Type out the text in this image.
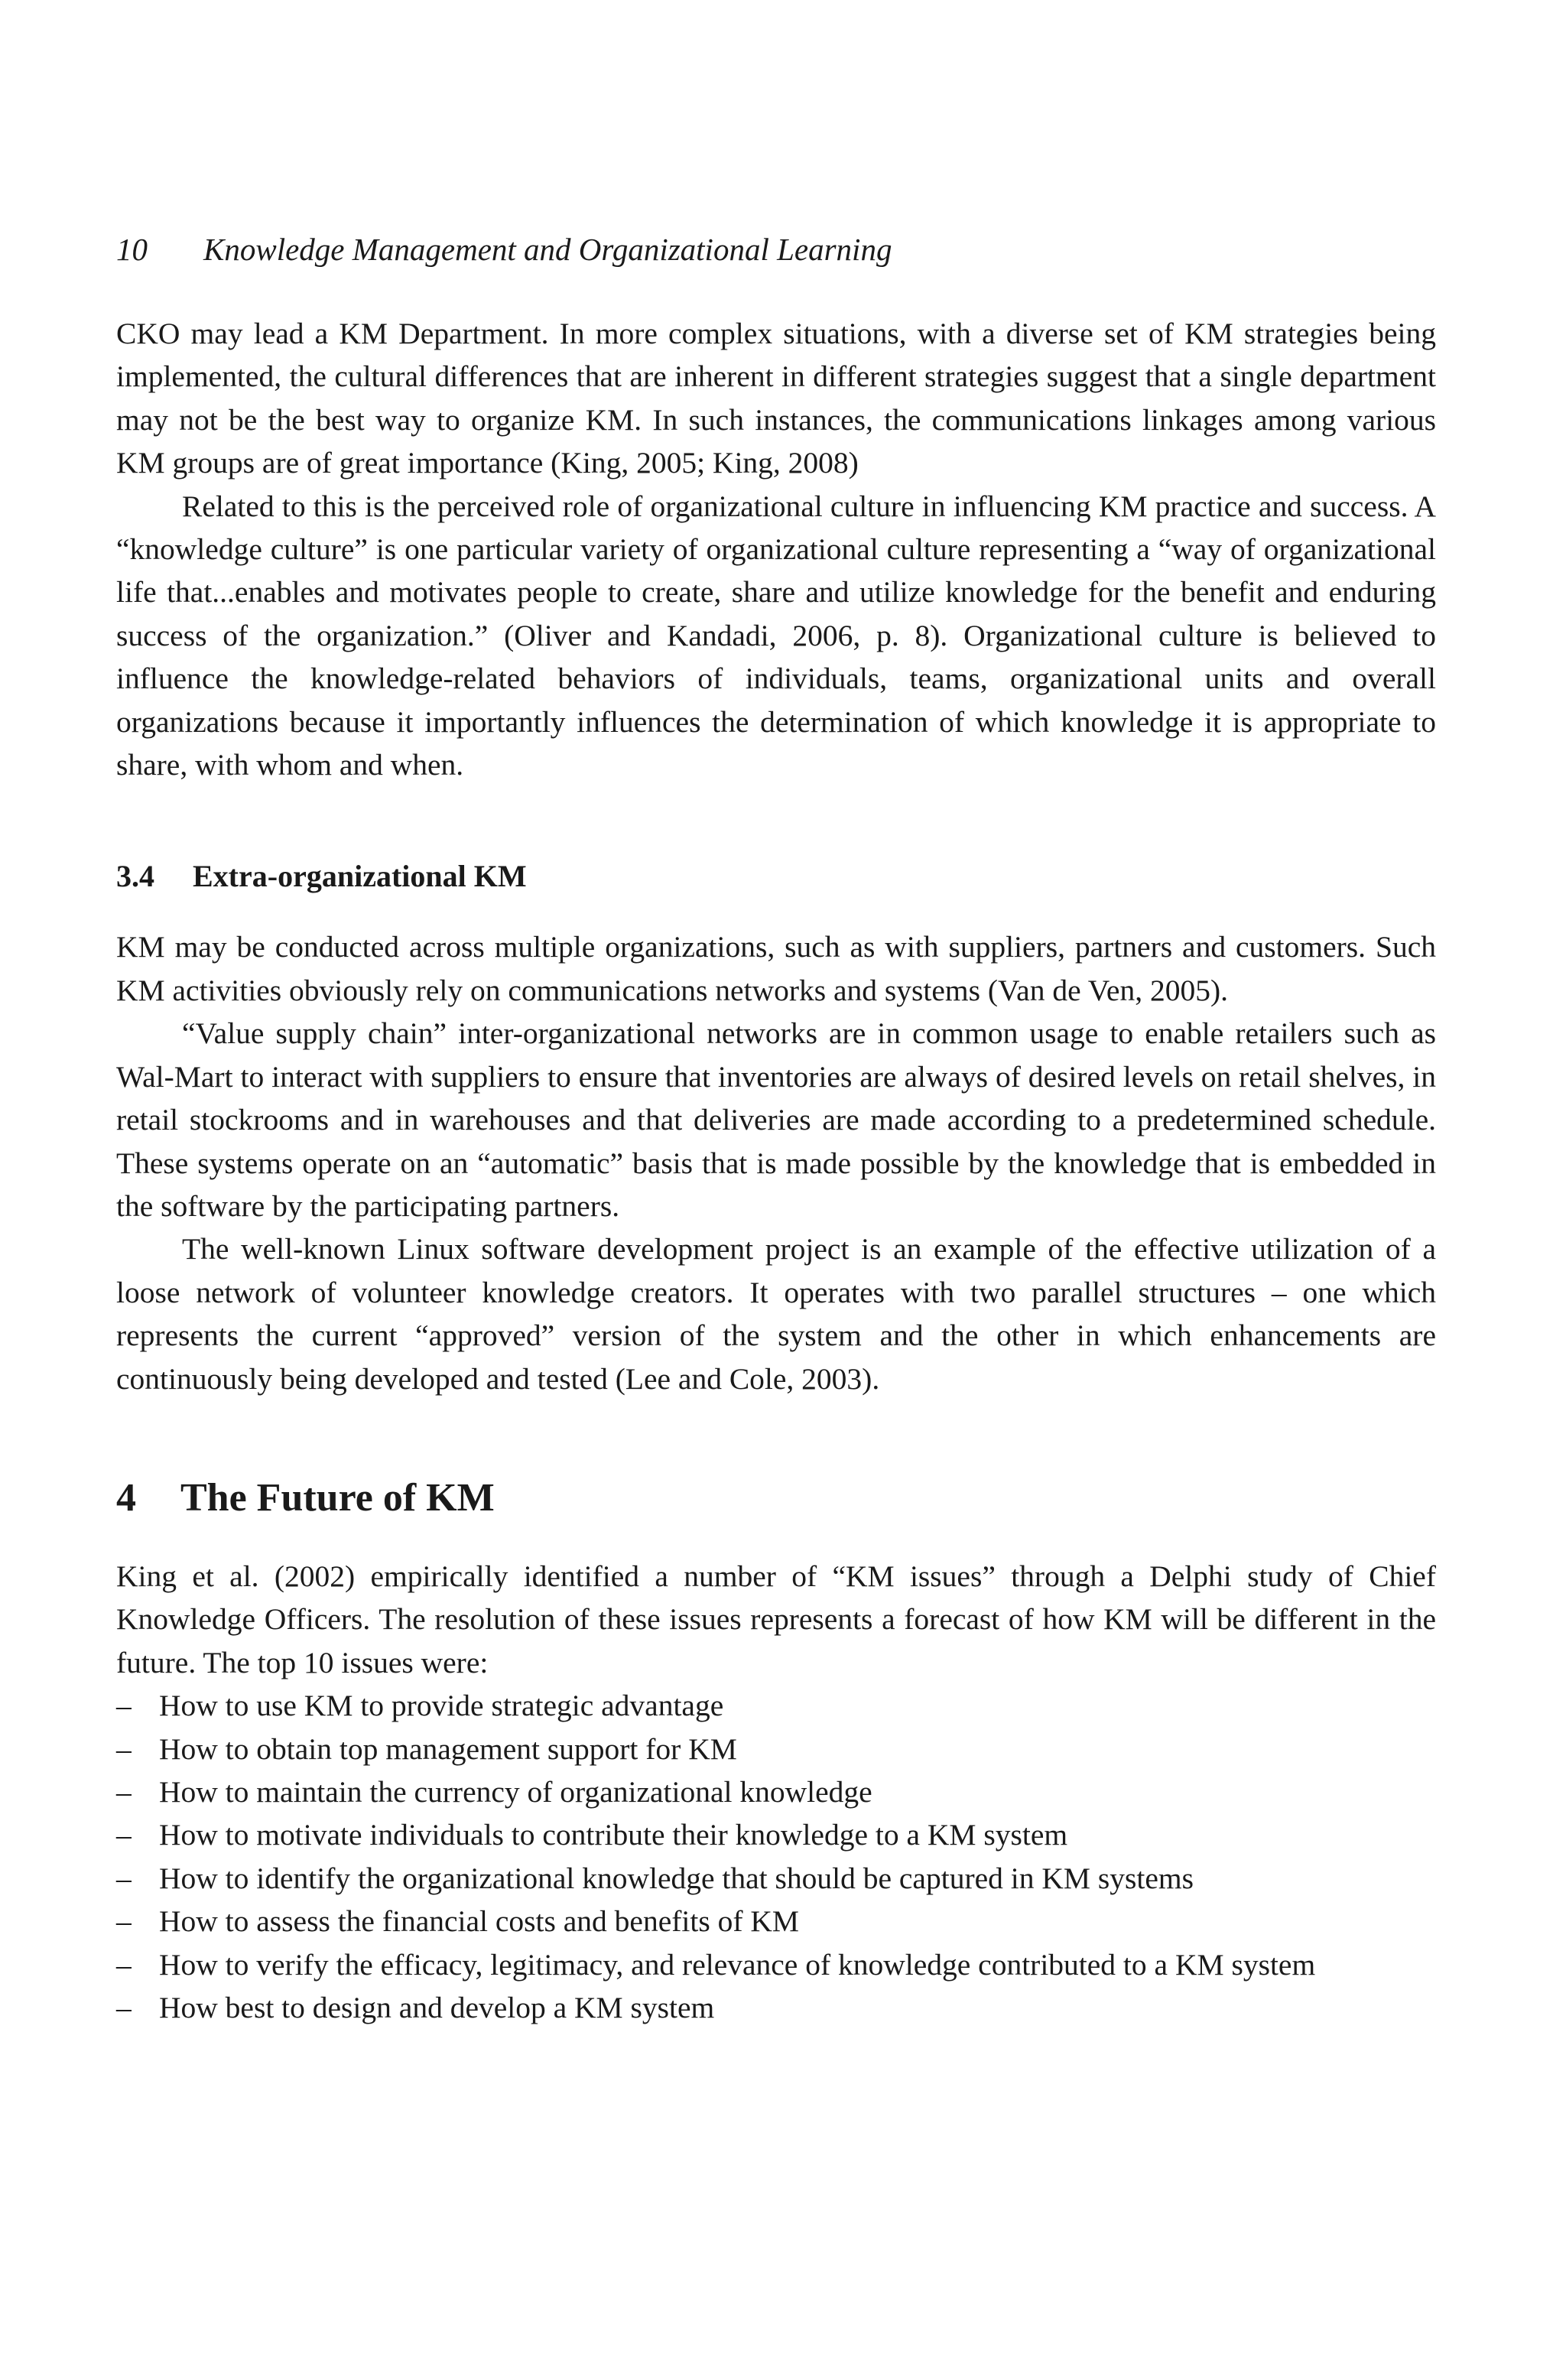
10 Knowledge Management and Organizational Learning

CKO may lead a KM Department. In more complex situations, with a diverse set of KM strategies being implemented, the cultural differences that are inherent in different strategies suggest that a single department may not be the best way to organize KM. In such instances, the communications linkages among various KM groups are of great importance (King, 2005; King, 2008)

Related to this is the perceived role of organizational culture in influencing KM practice and success. A “knowledge culture” is one particular variety of organizational culture representing a “way of organizational life that...enables and motivates people to create, share and utilize knowledge for the benefit and enduring success of the organization.” (Oliver and Kandadi, 2006, p. 8). Organizational culture is believed to influence the knowledge-related behaviors of individuals, teams, organizational units and overall organizations because it importantly influences the determination of which knowledge it is appropriate to share, with whom and when.

3.4 Extra-organizational KM

KM may be conducted across multiple organizations, such as with suppliers, partners and customers. Such KM activities obviously rely on communications networks and systems (Van de Ven, 2005).

“Value supply chain” inter-organizational networks are in common usage to enable retailers such as Wal-Mart to interact with suppliers to ensure that inventories are always of desired levels on retail shelves, in retail stockrooms and in warehouses and that deliveries are made according to a predetermined schedule. These systems operate on an “automatic” basis that is made possible by the knowledge that is embedded in the software by the participating partners.

The well-known Linux software development project is an example of the effective utilization of a loose network of volunteer knowledge creators. It operates with two parallel structures – one which represents the current “approved” version of the system and the other in which enhancements are continuously being developed and tested (Lee and Cole, 2003).

4 The Future of KM

King et al. (2002) empirically identified a number of “KM issues” through a Delphi study of Chief Knowledge Officers. The resolution of these issues represents a forecast of how KM will be different in the future. The top 10 issues were:

– How to use KM to provide strategic advantage
– How to obtain top management support for KM
– How to maintain the currency of organizational knowledge
– How to motivate individuals to contribute their knowledge to a KM system
– How to identify the organizational knowledge that should be captured in KM systems
– How to assess the financial costs and benefits of KM
– How to verify the efficacy, legitimacy, and relevance of knowledge contributed to a KM system
– How best to design and develop a KM system
